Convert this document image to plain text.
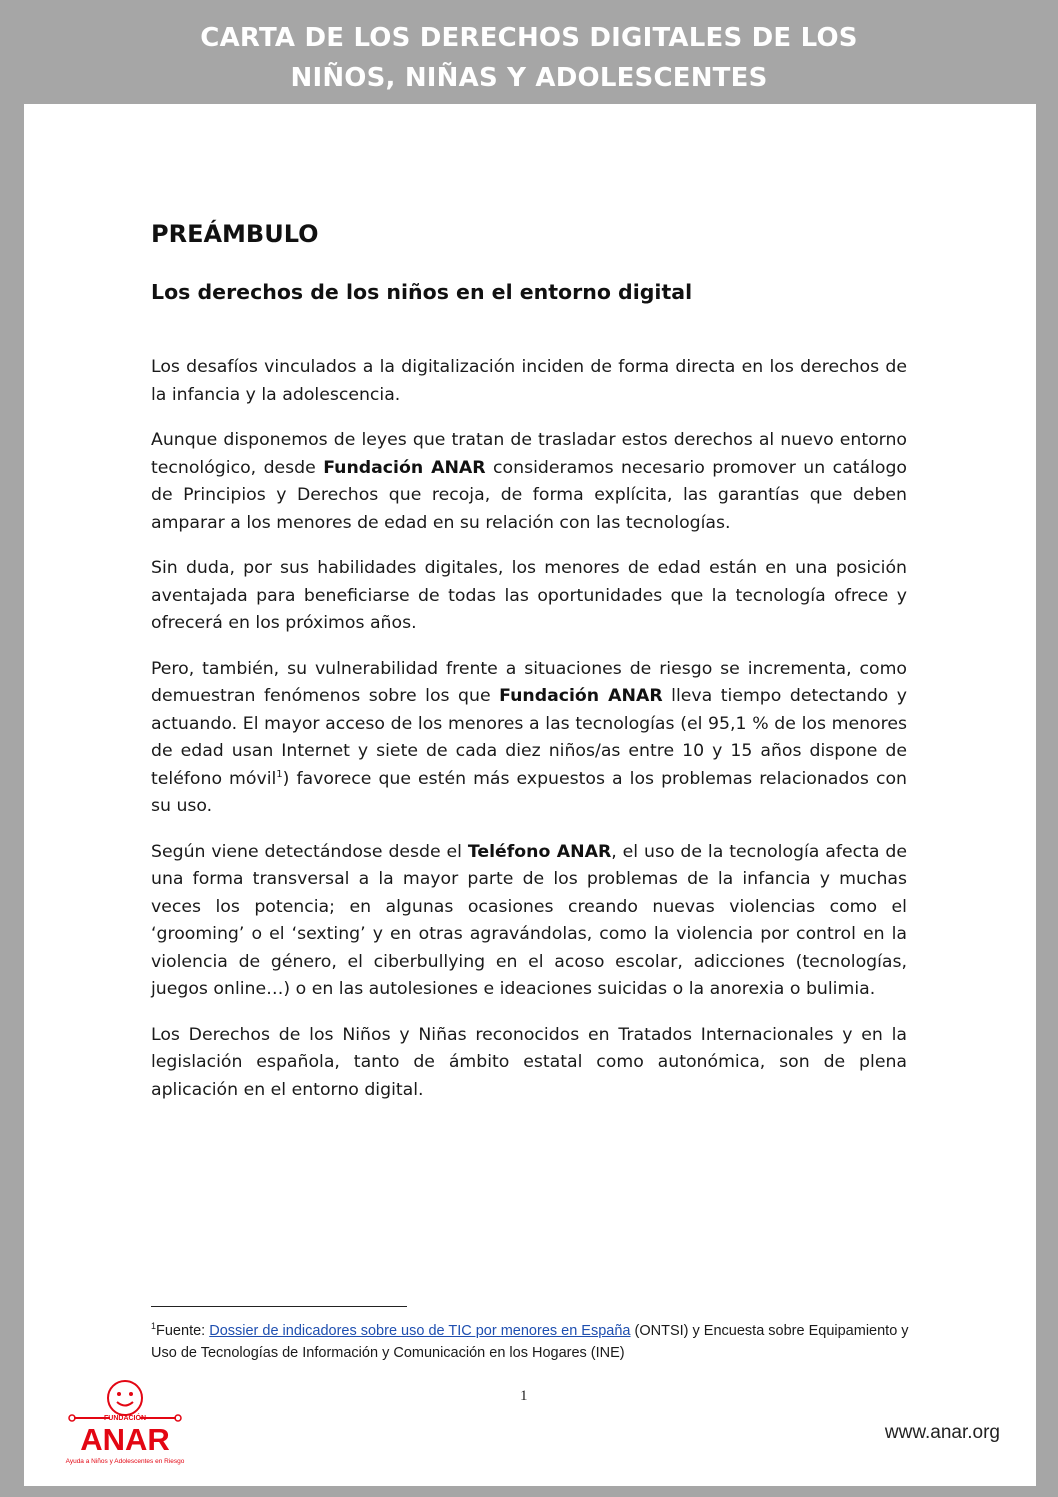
CARTA DE LOS DERECHOS DIGITALES DE LOS
NIÑOS, NIÑAS Y ADOLESCENTES
PREÁMBULO
Los derechos de los niños en el entorno digital

Los desafíos vinculados a la digitalización inciden de forma directa en los derechos de la infancia y la adolescencia.

Aunque disponemos de leyes que tratan de trasladar estos derechos al nuevo entorno tecnológico, desde Fundación ANAR consideramos necesario promover un catálogo de Principios y Derechos que recoja, de forma explícita, las garantías que deben amparar a los menores de edad en su relación con las tecnologías.

Sin duda, por sus habilidades digitales, los menores de edad están en una posición aventajada para beneficiarse de todas las oportunidades que la tecnología ofrece y ofrecerá en los próximos años.

Pero, también, su vulnerabilidad frente a situaciones de riesgo se incrementa, como demuestran fenómenos sobre los que Fundación ANAR lleva tiempo detectando y actuando. El mayor acceso de los menores a las tecnologías (el 95,1 % de los menores de edad usan Internet y siete de cada diez niños/as entre 10 y 15 años dispone de teléfono móvil$^1$) favorece que estén más expuestos a los problemas relacionados con su uso.

Según viene detectándose desde el Teléfono ANAR, el uso de la tecnología afecta de una forma transversal a la mayor parte de los problemas de la infancia y muchas veces los potencia; en algunas ocasiones creando nuevas violencias como el ‘grooming’ o el ‘sexting’ y en otras agravándolas, como la violencia por control en la violencia de género, el ciberbullying en el acoso escolar, adicciones (tecnologías, juegos online…) o en las autolesiones e ideaciones suicidas o la anorexia o bulimia.

Los Derechos de los Niños y Niñas reconocidos en Tratados Internacionales y en la legislación española, tanto de ámbito estatal como autonómica, son de plena aplicación en el entorno digital.

$^1$Fuente: Dossier de indicadores sobre uso de TIC por menores en España (ONTSI) y Encuesta sobre Equipamiento y Uso de Tecnologías de Información y Comunicación en los Hogares (INE)
1
www.anar.org
FUNDACIÓN
ANAR
Ayuda a Niños y Adolescentes en Riesgo
